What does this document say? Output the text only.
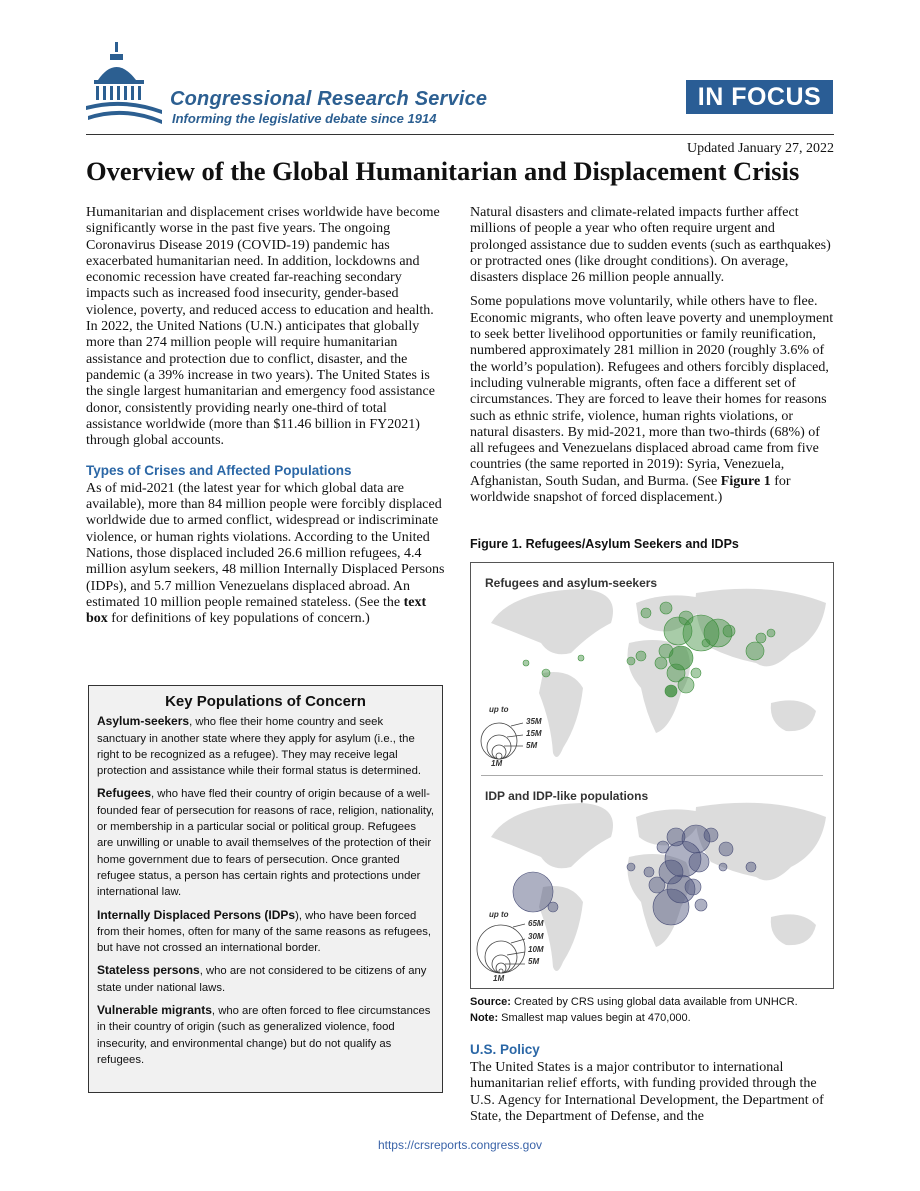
Congressional Research Service
Informing the legislative debate since 1914
IN FOCUS
Updated January 27, 2022
Overview of the Global Humanitarian and Displacement Crisis

Humanitarian and displacement crises worldwide have become significantly worse in the past five years. The ongoing Coronavirus Disease 2019 (COVID-19) pandemic has exacerbated humanitarian need. In addition, lockdowns and economic recession have created far-reaching secondary impacts such as increased food insecurity, gender-based violence, poverty, and reduced access to education and health. In 2022, the United Nations (U.N.) anticipates that globally more than 274 million people will require humanitarian assistance and protection due to conflict, disaster, and the pandemic (a 39% increase in two years). The United States is the single largest humanitarian and emergency food assistance donor, consistently providing nearly one-third of total assistance worldwide (more than $11.46 billion in FY2021) through global accounts.

Types of Crises and Affected Populations

As of mid-2021 (the latest year for which global data are available), more than 84 million people were forcibly displaced worldwide due to armed conflict, widespread or indiscriminate violence, or human rights violations. According to the United Nations, those displaced included 26.6 million refugees, 4.4 million asylum seekers, 48 million Internally Displaced Persons (IDPs), and 5.7 million Venezuelans displaced abroad. An estimated 10 million people remained stateless. (See the text box for definitions of key populations of concern.)

Key Populations of Concern
Asylum-seekers, who flee their home country and seek sanctuary in another state where they apply for asylum (i.e., the right to be recognized as a refugee). They may receive legal protection and assistance while their formal status is determined.
Refugees, who have fled their country of origin because of a well-founded fear of persecution for reasons of race, religion, nationality, or membership in a particular social or political group. Refugees are unwilling or unable to avail themselves of the protection of their home government due to fears of persecution. Once granted refugee status, a person has certain rights and protections under international law.
Internally Displaced Persons (IDPs), who have been forced from their homes, often for many of the same reasons as refugees, but have not crossed an international border.
Stateless persons, who are not considered to be citizens of any state under national laws.
Vulnerable migrants, who are often forced to flee circumstances in their country of origin (such as generalized violence, food insecurity, and environmental change) but do not qualify as refugees.

Natural disasters and climate-related impacts further affect millions of people a year who often require urgent and prolonged assistance due to sudden events (such as earthquakes) or protracted ones (like drought conditions). On average, disasters displace 26 million people annually.

Some populations move voluntarily, while others have to flee. Economic migrants, who often leave poverty and unemployment to seek better livelihood opportunities or family reunification, numbered approximately 281 million in 2020 (roughly 3.6% of the world’s population). Refugees and others forcibly displaced, including vulnerable migrants, often face a different set of circumstances. They are forced to leave their homes for reasons such as ethnic strife, violence, human rights violations, or natural disasters. By mid-2021, more than two-thirds (68%) of all refugees and Venezuelans displaced abroad came from five countries (the same reported in 2019): Syria, Venezuela, Afghanistan, South Sudan, and Burma. (See Figure 1 for worldwide snapshot of forced displacement.)

Figure 1. Refugees/Asylum Seekers and IDPs
Refugees and asylum-seekers
up to
35M
15M
5M
1M
IDP and IDP-like populations
up to
65M
30M
10M
5M
1M
Source: Created by CRS using global data available from UNHCR.
Note: Smallest map values begin at 470,000.
U.S. Policy
The United States is a major contributor to international humanitarian relief efforts, with funding provided through the U.S. Agency for International Development, the Department of State, the Department of Defense, and the
https://crsreports.congress.gov
